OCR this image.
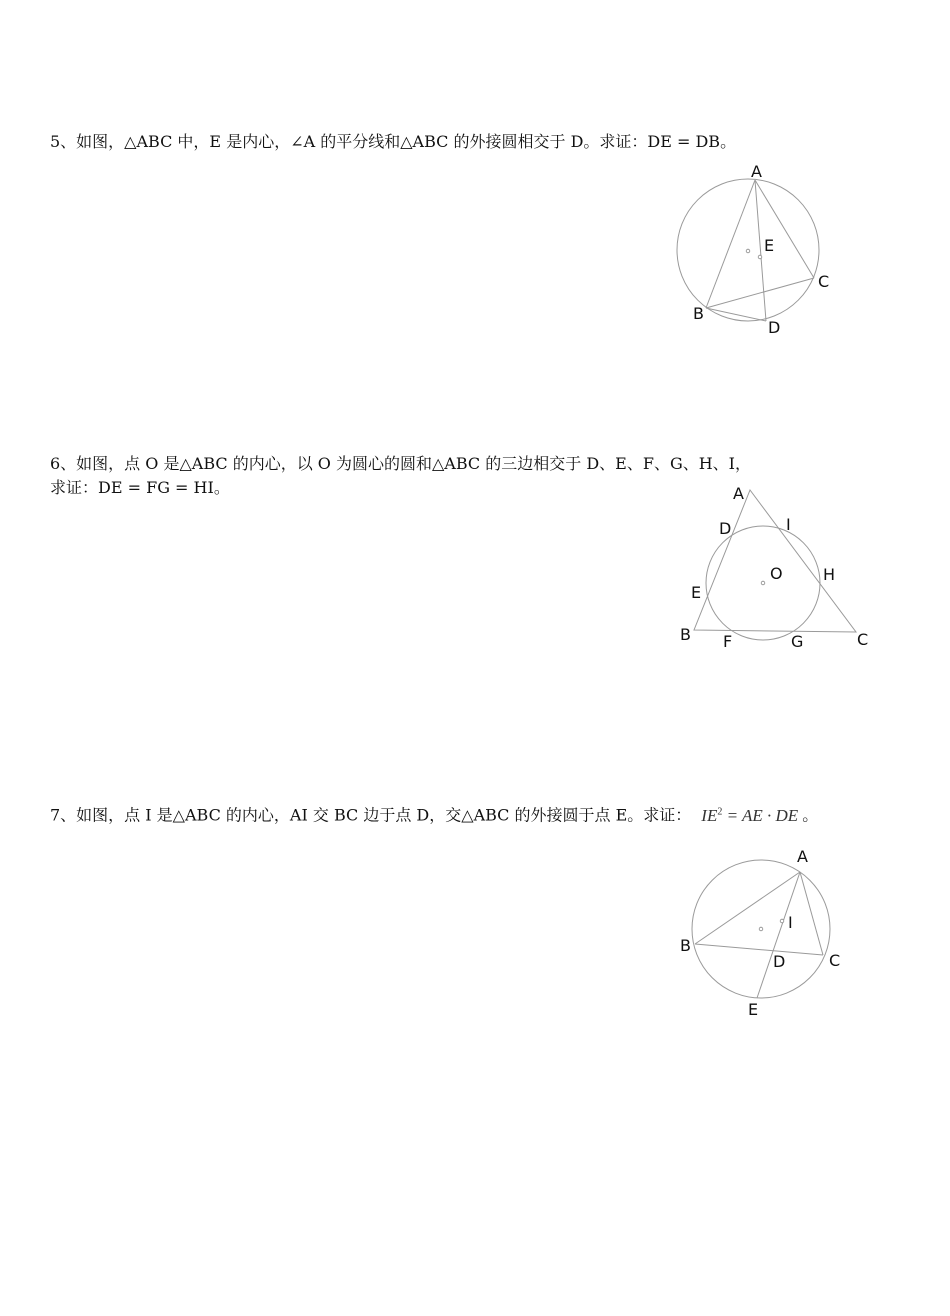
5、如图，△ABC 中，E 是内心，∠A 的平分线和△ABC 的外接圆相交于 D。求证：DE = DB。
A
E
C
B
D
6、如图，点 O 是△ABC 的内心，以 O 为圆心的圆和△ABC 的三边相交于 D、E、F、G、H、I，
求证：DE = FG = HI。	A
D	I
O	H
E
B F	G	C
7、如图，点 I 是△ABC 的内心，AI 交 BC 边于点 D，交△ABC 的外接圆于点 E。求证： $IE^2$ = AE · DE 。
A
I
B
D	C
E
